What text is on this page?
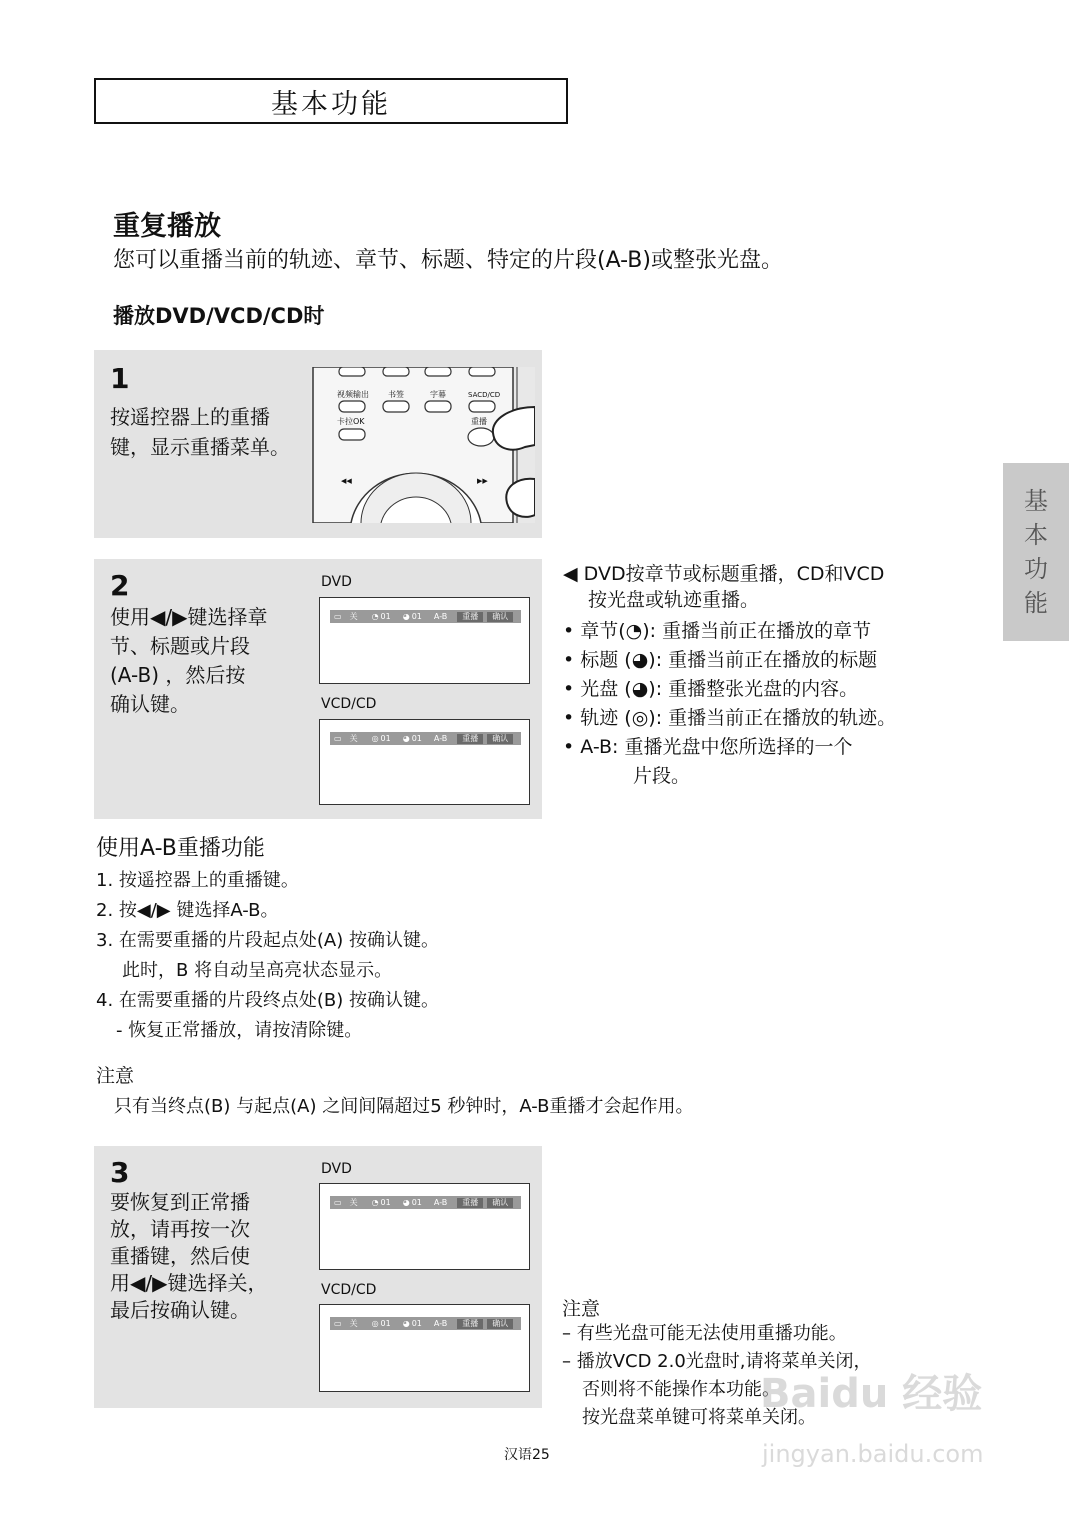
基本功能
基
本
功
能
重复播放
您可以重播当前的轨迹、章节、标题、特定的片段(A-B)或整张光盘。
播放DVD/VCD/CD时
1
按遥控器上的重播
键，显示重播菜单。
视频输出 书签	字幕	SACD/CD
卡拉OK	重播
◀◀	▶▶
2
使用◀/▶键选择章
节、标题或片段
(A-B) ，然后按
确认键。
DVD
▭ 关 ◔ 01 ◕ 01 A-B	重播	确认
VCD/CD
▭ 关 ◎ 01 ◕ 01 A-B	重播	确认
◀ DVD按章节或标题重播，CD和VCD
按光盘或轨迹重播。
• 章节(◔): 重播当前正在播放的章节
• 标题 (◕): 重播当前正在播放的标题
• 光盘 (◕): 重播整张光盘的内容。
• 轨迹 (◎): 重播当前正在播放的轨迹。
• A-B: 重播光盘中您所选择的一个
片段。
使用A-B重播功能
1. 按遥控器上的重播键。
2. 按◀/▶ 键选择A-B。
3. 在需要重播的片段起点处(A) 按确认键。
此时，B 将自动呈高亮状态显示。
4. 在需要重播的片段终点处(B) 按确认键。
- 恢复正常播放，请按清除键。
注意
只有当终点(B) 与起点(A) 之间间隔超过5 秒钟时，A-B重播才会起作用。
3
要恢复到正常播
放，请再按一次
重播键，然后使
用◀/▶键选择关，
最后按确认键。
DVD
▭ 关 ◔ 01 ◕ 01 A-B	重播	确认
VCD/CD
▭ 关 ◎ 01 ◕ 01 A-B	重播	确认
注意
– 有些光盘可能无法使用重播功能。
– 播放VCD 2.0光盘时,请将菜单关闭，
否则将不能操作本功能。
按光盘菜单键可将菜单关闭。
汉语25
Baidu 经验
jingyan.baidu.com
